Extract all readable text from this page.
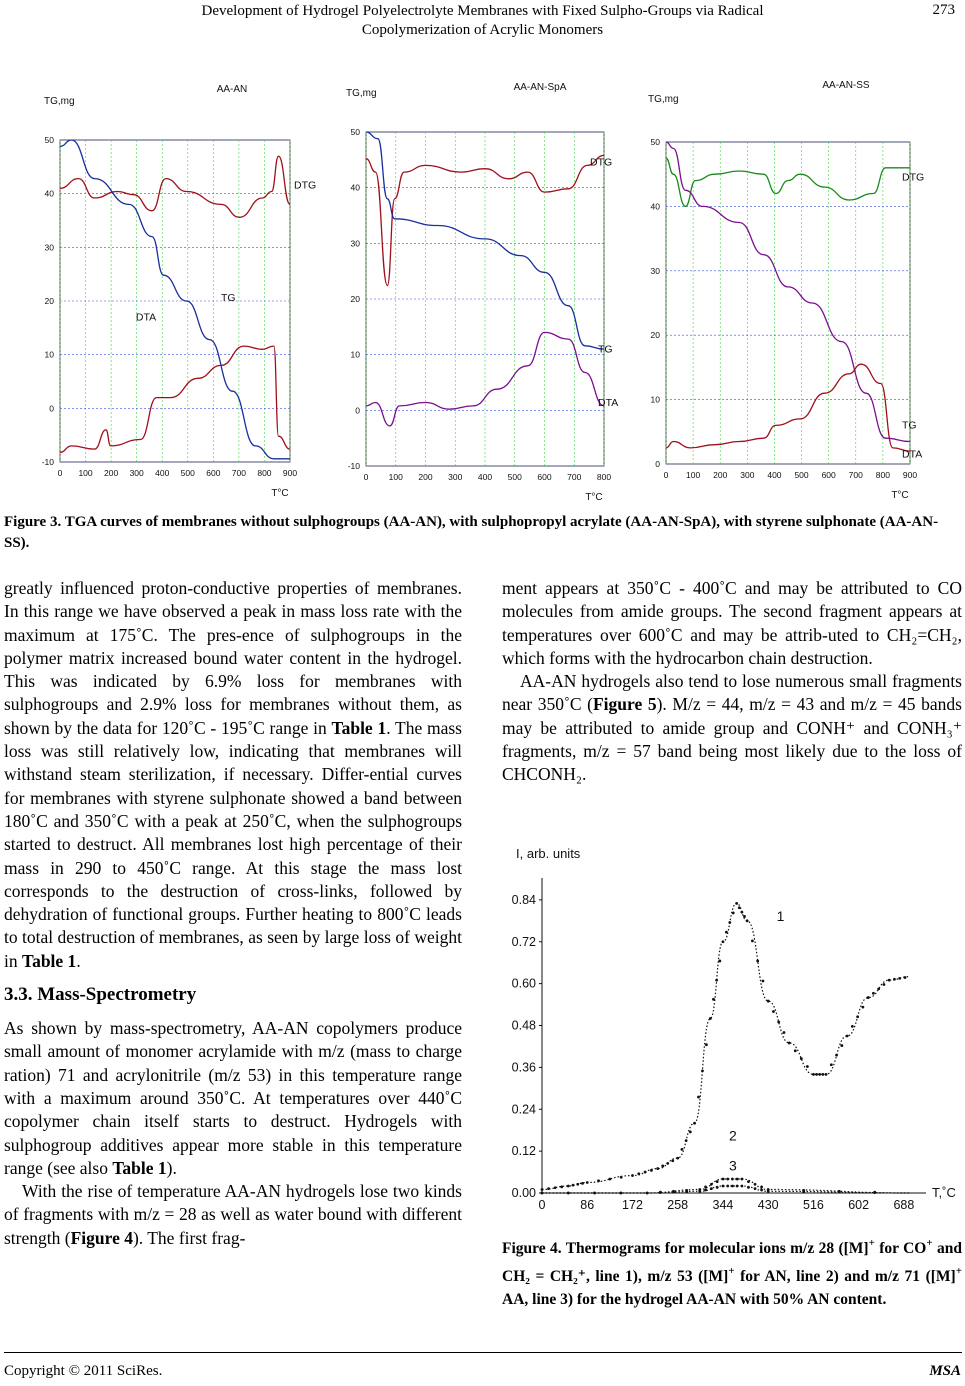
Development of Hydrogel Polyelectrolyte Membranes with Fixed Sulpho-Groups via Radical
Copolymerization of Acrylic Monomers
273
0 100 200 300 400 500 600 700 800 900
-10
0
10
20
30
40
50
AA-AN
TG,mg
T°C
DTG
TG
DTA
0 100 200 300 400 500 600 700 800
-10
0
10
20
30
40
50
AA-AN-SpA
TG,mg
T°C
DTG
TG
DTA
0 100 200 300 400 500 600 700 800 900
0
10
20
30
40
50
AA-AN-SS
TG,mg
T°C
DTG
TG
DTA
Figure 3. TGA curves of membranes without sulphogroups (AA-AN), with sulphopropyl acrylate (AA-AN-SpA), with styrene sulphonate (AA-AN-SS).

greatly influenced proton-conductive properties of membranes. In this range we have observed a peak in mass loss rate with the maximum at 175˚C. The pres-ence of sulphogroups in the polymer matrix increased bound water content in the hydrogel. This was indicated by 6.9% loss for membranes with sulphogroups and 2.9% loss for membranes without them, as shown by the data for 120˚C - 195˚C range in Table 1. The mass loss was still relatively low, indicating that membranes will withstand steam sterilization, if necessary. Differ-ential curves for membranes with styrene sulphonate showed a band between 180˚C and 350˚C with a peak at 250˚C, when the sulphogroups started to destruct. All membranes lost high percentage of their mass in 290 to 450˚C range. At this stage the mass lost corresponds to the destruction of cross-links, followed by dehydration of functional groups. Further heating to 800˚C leads to total destruction of membranes, as seen by large loss of weight in Table 1.

3.3. Mass-Spectrometry

As shown by mass-spectrometry, AA-AN copolymers produce small amount of monomer acrylamide with m/z (mass to charge ration) 71 and acrylonitrile (m/z 53) in this temperature range with a maximum around 350˚C. At temperatures over 440˚C copolymer chain itself starts to destruct. Hydrogels with sulphogroup additives appear more stable in this temperature range (see also Table 1).

With the rise of temperature AA-AN hydrogels lose two kinds of fragments with m/z = 28 as well as water bound with different strength (Figure 4). The first frag-

ment appears at 350˚C - 400˚C and may be attributed to CO molecules from amide groups. The second fragment appears at temperatures over 600˚C and may be attrib-uted to CH₂=CH₂, which forms with the hydrocarbon chain destruction.

AA-AN hydrogels also tend to lose numerous small fragments near 350˚C (Figure 5). M/z = 44, m/z = 43 and m/z = 45 bands may be attributed to amide group and CONH⁺ and CONH₃⁺ fragments, m/z = 57 band being most likely due to the loss of CHCONH₂.

I, arb. units
0.00
0.12
0.24
0.36
0.48
0.60
0.72
0.84
0	86 172 258 344 430 516 602 688
T,˚C
1
2
3
Figure 4. Thermograms for molecular ions m/z 28 ([M]+ for CO+ and CH₂ = CH₂⁺, line 1), m/z 53 ([M]+ for AN, line 2) and m/z 71 ([M]+ AA, line 3) for the hydrogel AA-AN with 50% AN content.
Copyright © 2011 SciRes.	MSA
